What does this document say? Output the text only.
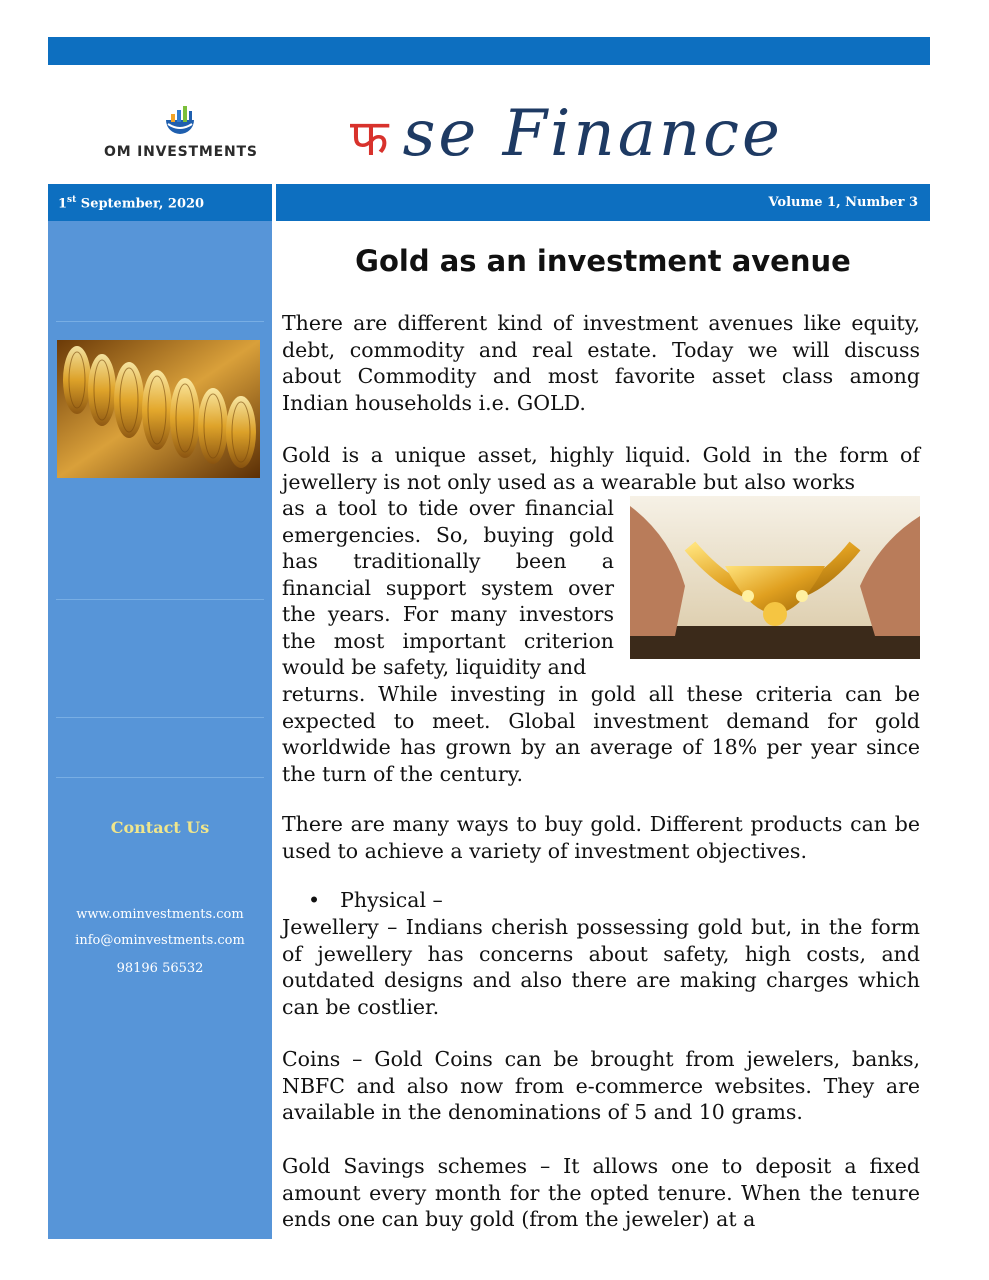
OM INVESTMENTS फ se Finance
1st September, 2020	Volume 1, Number 3
Contact Us
www.ominvestments.com
info@ominvestments.com
98196 56532
Gold as an investment avenue

There are different kind of investment avenues like equity, debt, commodity and real estate. Today we will discuss about Commodity and most favorite asset class among Indian households i.e. GOLD.

Gold is a unique asset, highly liquid. Gold in the form of jewellery is not only used as a wearable but also works

as a tool to tide over financial emergencies. So, buying gold has traditionally been a financial support system over the years. For many investors the most important criterion would be safety, liquidity and

returns. While investing in gold all these criteria can be expected to meet. Global investment demand for gold worldwide has grown by an average of 18% per year since the turn of the century.

There are many ways to buy gold. Different products can be used to achieve a variety of investment objectives.

• Physical –

Jewellery – Indians cherish possessing gold but, in the form of jewellery has concerns about safety, high costs, and outdated designs and also there are making charges which can be costlier.

Coins – Gold Coins can be brought from jewelers, banks, NBFC and also now from e-commerce websites. They are available in the denominations of 5 and 10 grams.

Gold Savings schemes – It allows one to deposit a fixed amount every month for the opted tenure. When the tenure ends one can buy gold (from the jeweler) at a
